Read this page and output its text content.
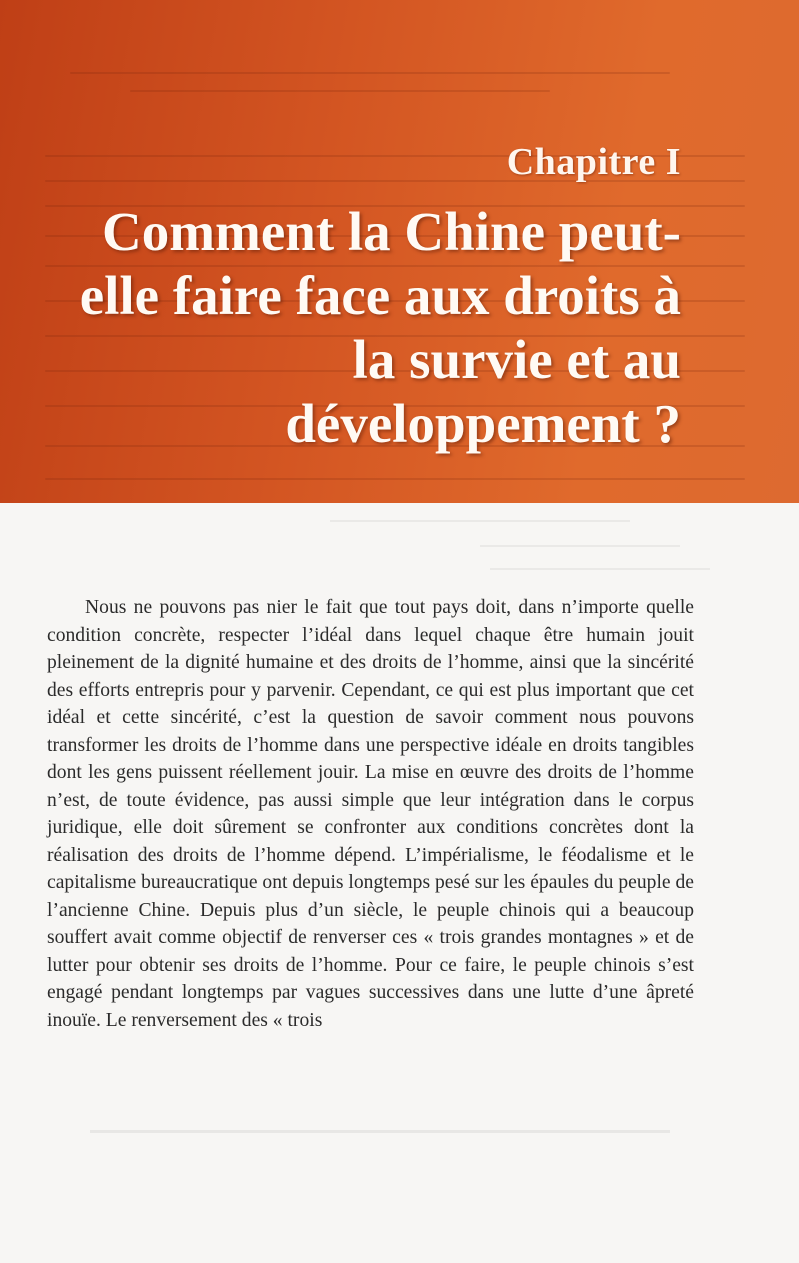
Chapitre I
Comment la Chine peut-elle faire face aux droits à la survie et au développement ?

Nous ne pouvons pas nier le fait que tout pays doit, dans n’importe quelle condition concrète, respecter l’idéal dans lequel chaque être humain jouit pleinement de la dignité humaine et des droits de l’homme, ainsi que la sincérité des efforts entrepris pour y parvenir. Cependant, ce qui est plus important que cet idéal et cette sincérité, c’est la question de savoir comment nous pouvons transformer les droits de l’homme dans une perspective idéale en droits tangibles dont les gens puissent réellement jouir. La mise en œuvre des droits de l’homme n’est, de toute évidence, pas aussi simple que leur intégration dans le corpus juridique, elle doit sûrement se confronter aux conditions concrètes dont la réalisation des droits de l’homme dépend. L’impérialisme, le féodalisme et le capitalisme bureaucratique ont depuis longtemps pesé sur les épaules du peuple de l’ancienne Chine. Depuis plus d’un siècle, le peuple chinois qui a beaucoup souffert avait comme objectif de renverser ces « trois grandes montagnes » et de lutter pour obtenir ses droits de l’homme. Pour ce faire, le peuple chinois s’est engagé pendant longtemps par vagues successives dans une lutte d’une âpreté inouïe. Le renversement des « trois
